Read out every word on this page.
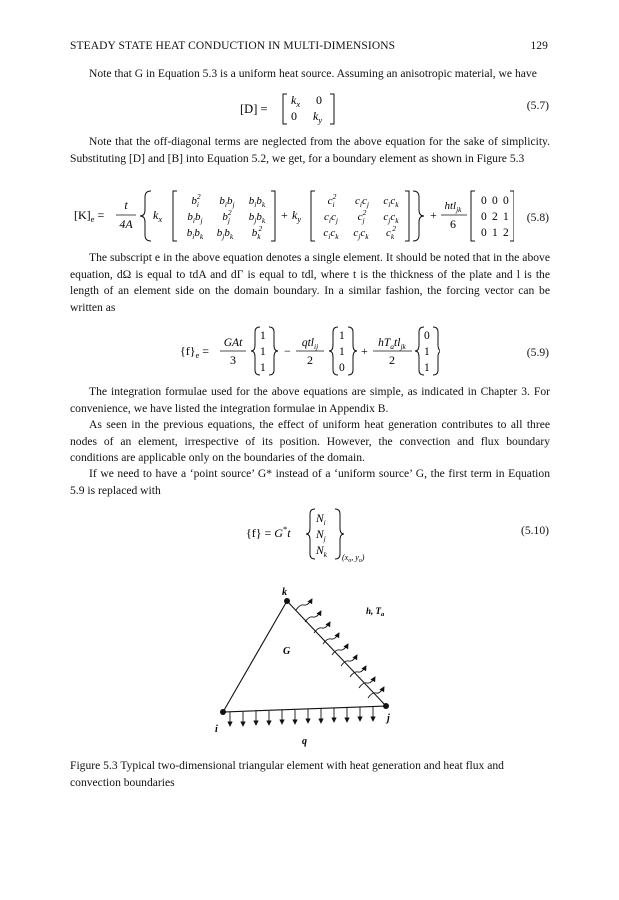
STEADY STATE HEAT CONDUCTION IN MULTI-DIMENSIONS	129
Note that G in Equation 5.3 is a uniform heat source. Assuming an anisotropic material, we have
[D] =
$k_x$ 0
0 $k_y$
(5.7)
Note that the off-diagonal terms are neglected from the above equation for the sake of simplicity. Substituting [D] and [B] into Equation 5.2, we get, for a boundary element as shown in Figure 5.3
$[K]_e$ =
t
4A
$k_x$
$b_i2$ $b_ib_j$ $b_ib_k$
$b_ib_j$ $b_j2$ $b_jb_k$
$b_ib_k$ $b_jb_k$ $b_k2$
+ $k_y$
$c_i2$ $c_ic_j$ $c_ic_k$
$c_ic_j$ $c_j2$ $c_jc_k$
$c_ic_k$ $c_jc_k$ $c_k2$
+
htl$_{jk}$
6
0 0 0
0 2 1
0 1 2
(5.8)
The subscript e in the above equation denotes a single element. It should be noted that in the above equation, dΩ is equal to tdA and dΓ is equal to tdl, where t is the thickness of the plate and l is the length of an element side on the domain boundary. In a similar fashion, the forcing vector can be written as
$\{f\}_e$ =
GAt
3
1
1
1
−
qtl$_{ij}$
2
1
1
0
+
$hT_atl_{jk}$
2
0
1
1
(5.9)
The integration formulae used for the above equations are simple, as indicated in Chapter 3. For convenience, we have listed the integration formulae in Appendix B.
As seen in the previous equations, the effect of uniform heat generation contributes to all three nodes of an element, irrespective of its position. However, the convection and flux boundary conditions are applicable only on the boundaries of the domain.
If we need to have a ‘point source’ G* instead of a ‘uniform source’ G, the first term in Equation 5.9 is replaced with
{f} = G*t
$N_i$
$N_j$
$N_k$ ($x_o$, $y_o$)
(5.10)
k
i
j
G
q
h, $T_a$
Figure 5.3 Typical two-dimensional triangular element with heat generation and heat flux and convection boundaries
